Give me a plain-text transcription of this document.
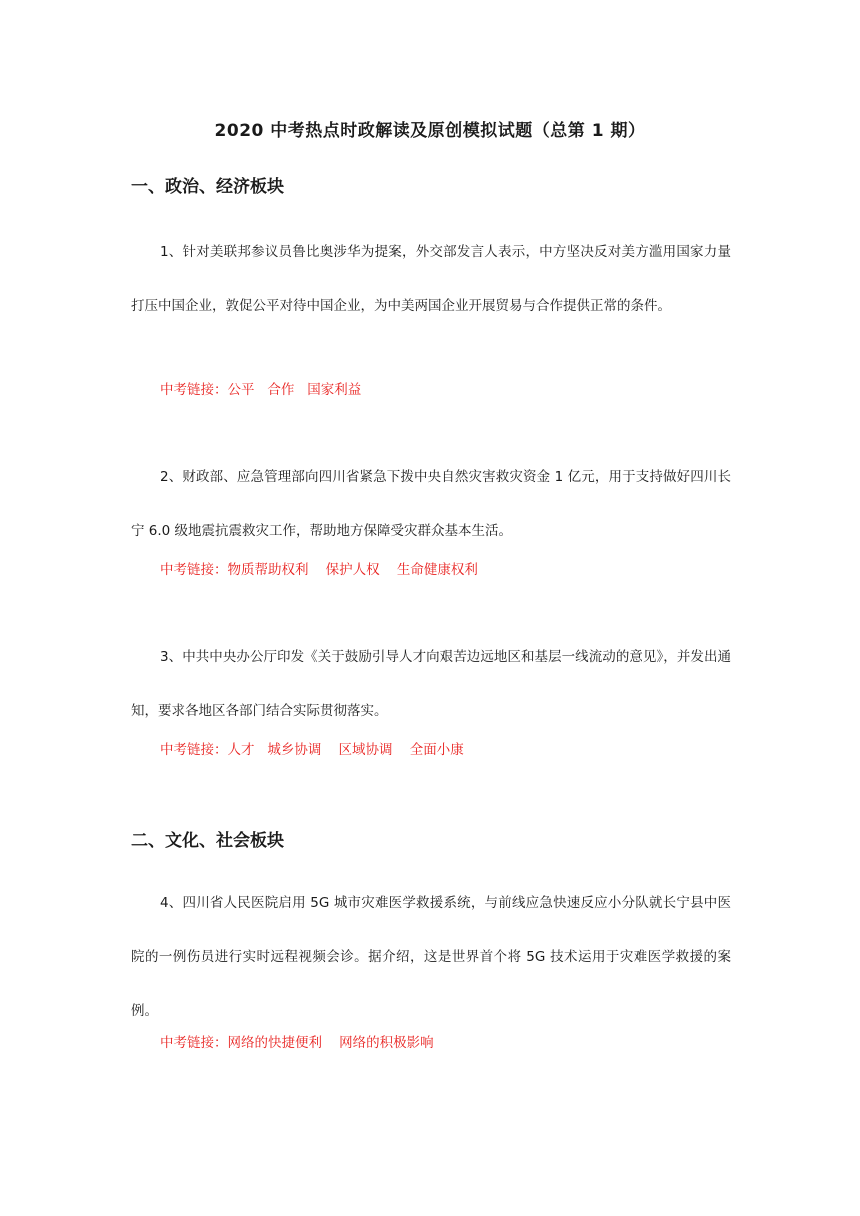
2020 中考热点时政解读及原创模拟试题（总第 1 期）
一、政治、经济板块

1、针对美联邦参议员鲁比奥涉华为提案，外交部发言人表示，中方坚决反对美方滥用国家力量打压中国企业，敦促公平对待中国企业，为中美两国企业开展贸易与合作提供正常的条件。

中考链接：公平   合作   国家利益

2、财政部、应急管理部向四川省紧急下拨中央自然灾害救灾资金 1 亿元，用于支持做好四川长宁 6.0 级地震抗震救灾工作，帮助地方保障受灾群众基本生活。

中考链接：物质帮助权利    保护人权    生命健康权利

3、中共中央办公厅印发《关于鼓励引导人才向艰苦边远地区和基层一线流动的意见》，并发出通知，要求各地区各部门结合实际贯彻落实。

中考链接：人才   城乡协调    区域协调    全面小康

二、文化、社会板块

4、四川省人民医院启用 5G 城市灾难医学救援系统，与前线应急快速反应小分队就长宁县中医院的一例伤员进行实时远程视频会诊。据介绍，这是世界首个将 5G 技术运用于灾难医学救援的案例。

中考链接：网络的快捷便利    网络的积极影响
